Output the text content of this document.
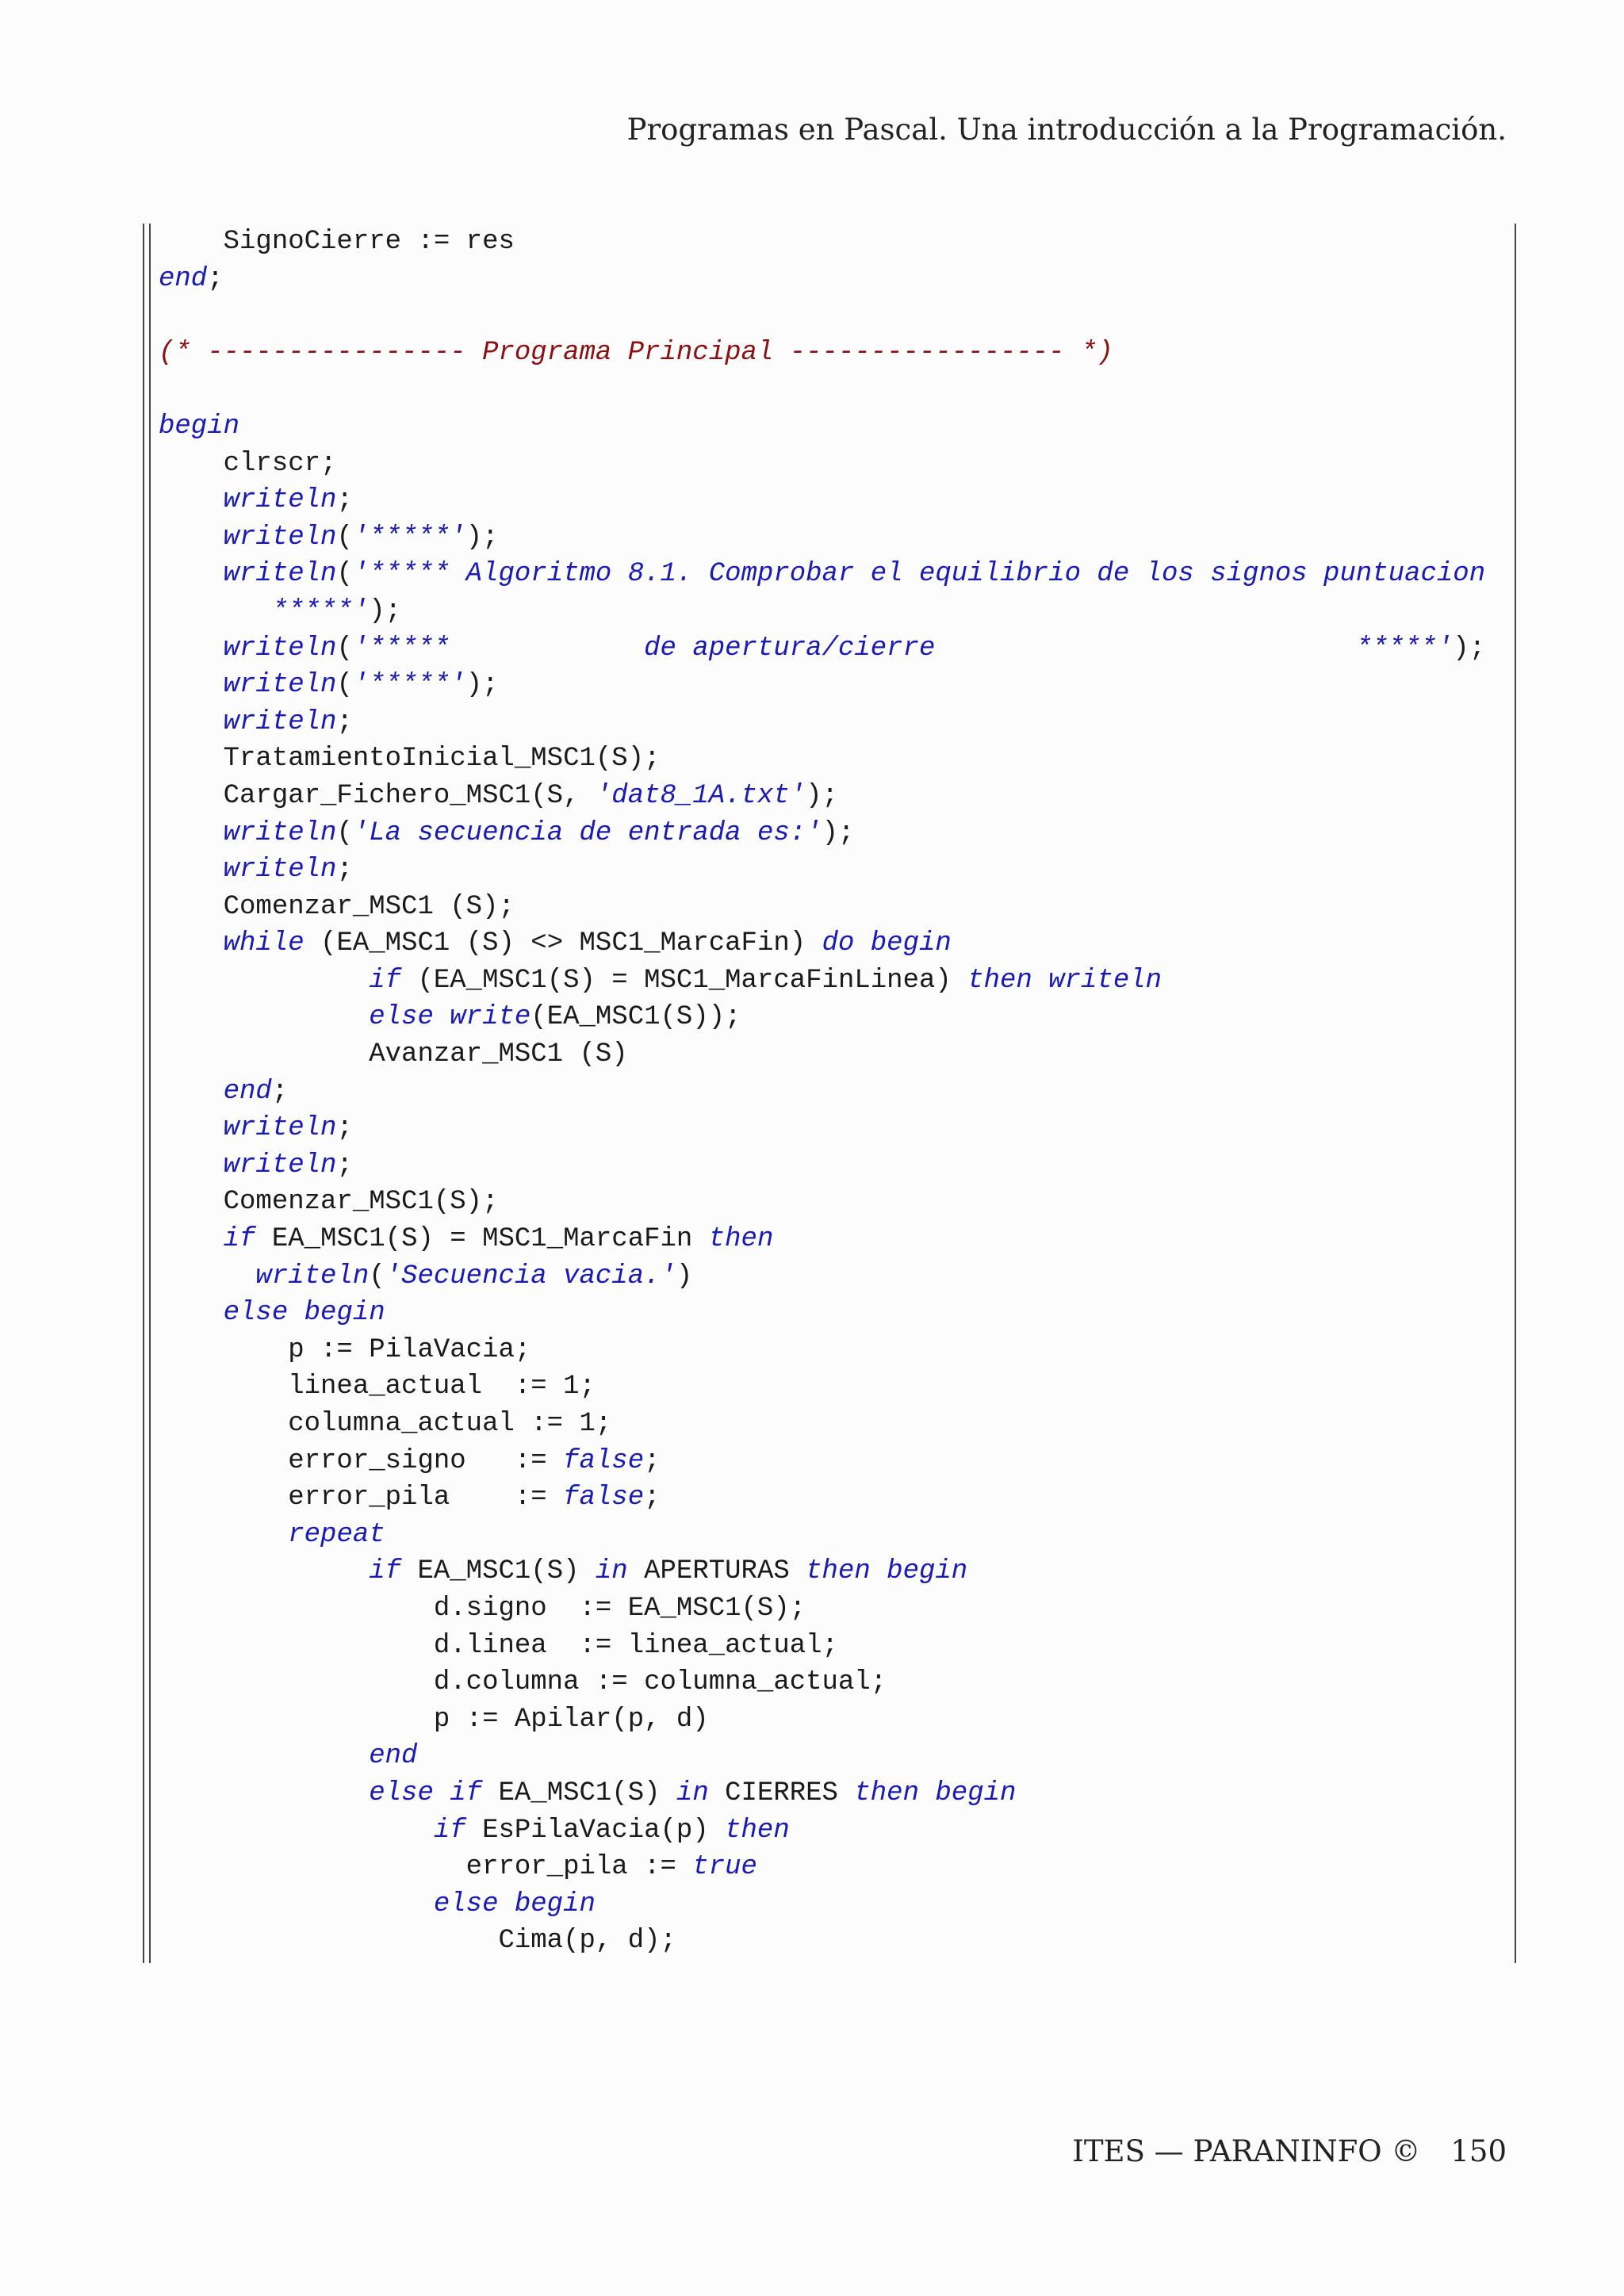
Programas en Pascal. Una introducción a la Programación.
SignoCierre := res
end;
(* ---------------- Programa Principal ----------------- *)
begin
clrscr;
writeln;
writeln('*****');
writeln('***** Algoritmo 8.1. Comprobar el equilibrio de los signos puntuacion
*****');
writeln('*****            de apertura/cierre                          *****');
writeln('*****');
writeln;
TratamientoInicial_MSC1(S);
Cargar_Fichero_MSC1(S, 'dat8_1A.txt');
writeln('La secuencia de entrada es:');
writeln;
Comenzar_MSC1 (S);
while (EA_MSC1 (S) <> MSC1_MarcaFin) do begin
if (EA_MSC1(S) = MSC1_MarcaFinLinea) then writeln
else write(EA_MSC1(S));
Avanzar_MSC1 (S)
end;
writeln;
writeln;
Comenzar_MSC1(S);
if EA_MSC1(S) = MSC1_MarcaFin then
writeln('Secuencia vacia.')
else begin
p := PilaVacia;
linea_actual  := 1;
columna_actual := 1;
error_signo   := false;
error_pila    := false;
repeat
if EA_MSC1(S) in APERTURAS then begin
d.signo  := EA_MSC1(S);
d.linea  := linea_actual;
d.columna := columna_actual;
p := Apilar(p, d)
end
else if EA_MSC1(S) in CIERRES then begin
if EsPilaVacia(p) then
error_pila := true
else begin
Cima(p, d);
ITES — PARANINFO © 150
